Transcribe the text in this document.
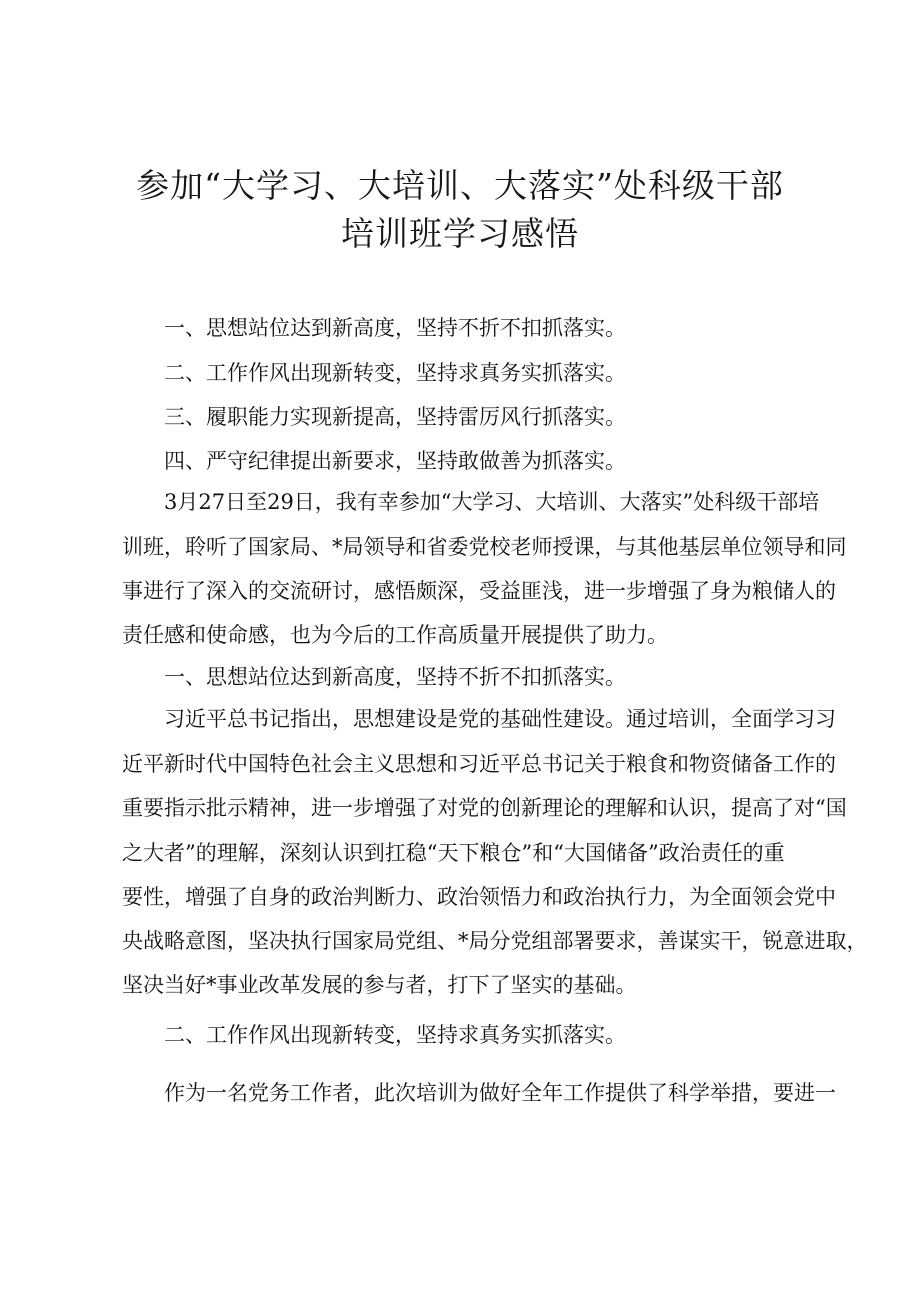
参加“大学习、大培训、大落实”处科级干部
培训班学习感悟

一、思想站位达到新高度，坚持不折不扣抓落实。

二、工作作风出现新转变，坚持求真务实抓落实。

三、履职能力实现新提高，坚持雷厉风行抓落实。

四、严守纪律提出新要求，坚持敢做善为抓落实。

3月27日至29日，我有幸参加“大学习、大培训、大落实”处科级干部培

训班，聆听了国家局、*局领导和省委党校老师授课，与其他基层单位领导和同

事进行了深入的交流研讨，感悟颇深，受益匪浅，进一步增强了身为粮储人的

责任感和使命感，也为今后的工作高质量开展提供了助力。

一、思想站位达到新高度，坚持不折不扣抓落实。

习近平总书记指出，思想建设是党的基础性建设。通过培训，全面学习习

近平新时代中国特色社会主义思想和习近平总书记关于粮食和物资储备工作的

重要指示批示精神，进一步增强了对党的创新理论的理解和认识，提高了对“国

之大者”的理解，深刻认识到扛稳“天下粮仓”和“大国储备”政治责任的重

要性，增强了自身的政治判断力、政治领悟力和政治执行力，为全面领会党中

央战略意图，坚决执行国家局党组、*局分党组部署要求，善谋实干，锐意进取，

坚决当好*事业改革发展的参与者，打下了坚实的基础。

二、工作作风出现新转变，坚持求真务实抓落实。

作为一名党务工作者，此次培训为做好全年工作提供了科学举措，要进一
